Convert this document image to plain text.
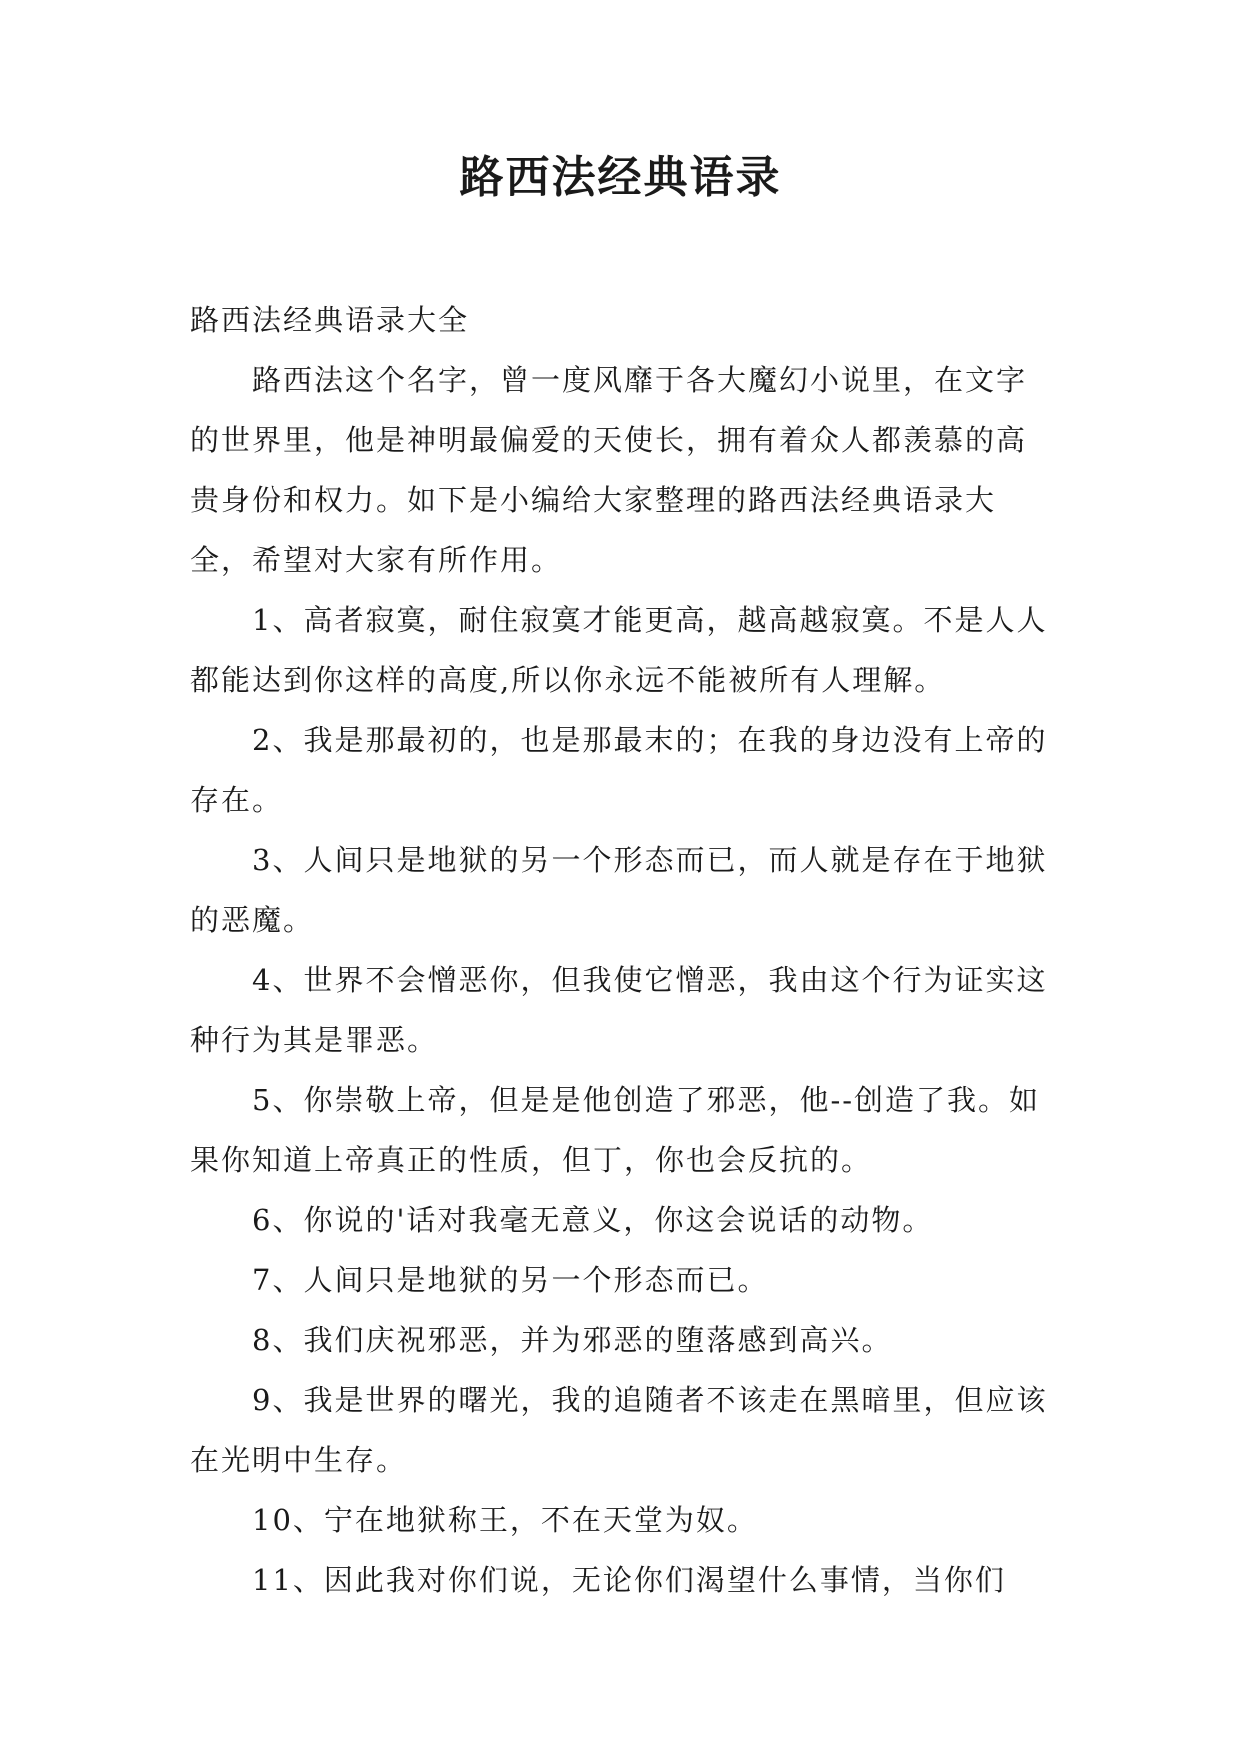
路西法经典语录

路西法经典语录大全

路西法这个名字，曾一度风靡于各大魔幻小说里，在文字的世界里，他是神明最偏爱的天使长，拥有着众人都羡慕的高贵身份和权力。如下是小编给大家整理的路西法经典语录大全，希望对大家有所作用。

1、高者寂寞，耐住寂寞才能更高，越高越寂寞。不是人人都能达到你这样的高度,所以你永远不能被所有人理解。

2、我是那最初的，也是那最末的；在我的身边没有上帝的存在。

3、人间只是地狱的另一个形态而已，而人就是存在于地狱的恶魔。

4、世界不会憎恶你，但我使它憎恶，我由这个行为证实这种行为其是罪恶。

5、你崇敬上帝，但是是他创造了邪恶，他--创造了我。如果你知道上帝真正的性质，但丁，你也会反抗的。

6、你说的'话对我毫无意义，你这会说话的动物。

7、人间只是地狱的另一个形态而已。

8、我们庆祝邪恶，并为邪恶的堕落感到高兴。

9、我是世界的曙光，我的追随者不该走在黑暗里，但应该在光明中生存。

10、宁在地狱称王，不在天堂为奴。

11、因此我对你们说，无论你们渴望什么事情，当你们
